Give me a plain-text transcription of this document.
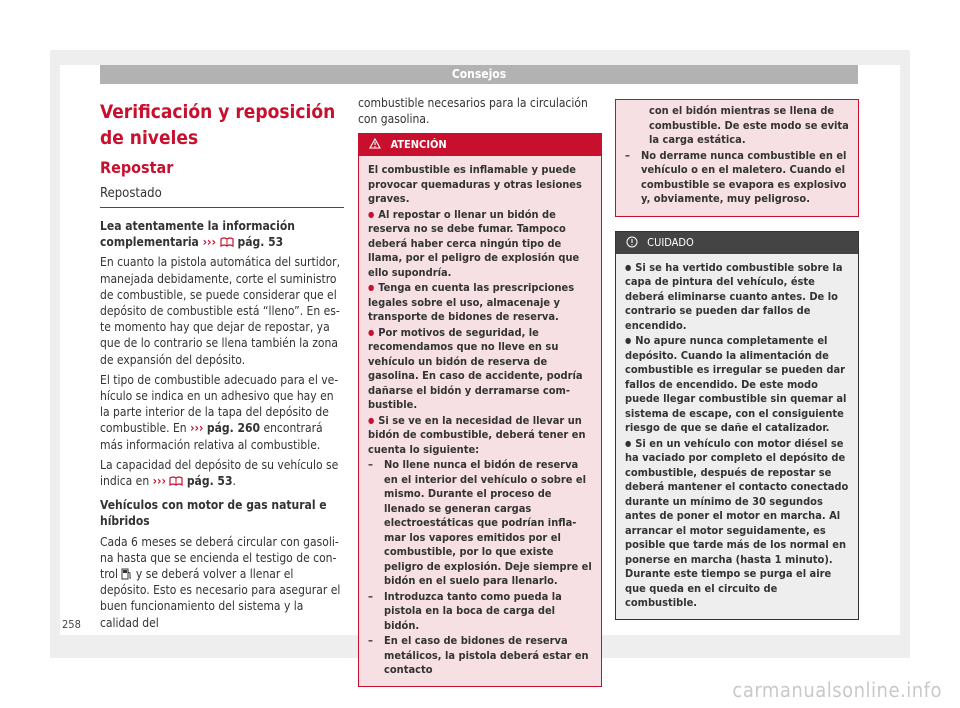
Consejos
Verificación y reposición de niveles
Repostar
Repostado

Lea atentamente la información complementaria ››› pág. 53

En cuanto la pistola automática del surtidor, manejada debidamente, corte el suministro de combustible, se puede considerar que el depósito de combustible está “lleno”. En este momento hay que dejar de repostar, ya que de lo contrario se llena también la zona de expansión del depósito.

El tipo de combustible adecuado para el vehículo se indica en un adhesivo que hay en la parte interior de la tapa del depósito de combustible. En ››› pág. 260 encontrará más información relativa al combustible.

La capacidad del depósito de su vehículo se indica en ››› pág. 53.

Vehículos con motor de gas natural e híbridos

Cada 6 meses se deberá circular con gasolina hasta que se encienda el testigo de control y se deberá volver a llenar el depósito. Esto es necesario para asegurar el buen funcionamiento del sistema y la calidad del

combustible necesarios para la circulación con gasolina.

ATENCIÓN

El combustible es inflamable y puede provocar quemaduras y otras lesiones graves.

● Al repostar o llenar un bidón de reserva no se debe fumar. Tampoco deberá haber cerca ningún tipo de llama, por el peligro de explosión que ello supondría.

● Tenga en cuenta las prescripciones legales sobre el uso, almacenaje y transporte de bidones de reserva.

● Por motivos de seguridad, le recomendamos que no lleve en su vehículo un bidón de reserva de gasolina. En caso de accidente, podría dañarse el bidón y derramarse combustible.

● Si se ve en la necesidad de llevar un bidón de combustible, deberá tener en cuenta lo siguiente:

– No llene nunca el bidón de reserva en el interior del vehículo o sobre el mismo. Durante el proceso de llenado se generan cargas electroestáticas que podrían inflamar los vapores emitidos por el combustible, por lo que existe peligro de explosión. Deje siempre el bidón en el suelo para llenarlo.

– Introduzca tanto como pueda la pistola en la boca de carga del bidón.

– En el caso de bidones de reserva metálicos, la pistola deberá estar en contacto

con el bidón mientras se llena de combustible. De este modo se evita la carga estática.

– No derrame nunca combustible en el vehículo o en el maletero. Cuando el combustible se evapora es explosivo y, obviamente, muy peligroso.

CUIDADO

● Si se ha vertido combustible sobre la capa de pintura del vehículo, éste deberá eliminarse cuanto antes. De lo contrario se pueden dar fallos de encendido.

● No apure nunca completamente el depósito. Cuando la alimentación de combustible es irregular se pueden dar fallos de encendido. De este modo puede llegar combustible sin quemar al sistema de escape, con el consiguiente riesgo de que se dañe el catalizador.

● Si en un vehículo con motor diésel se ha vaciado por completo el depósito de combustible, después de repostar se deberá mantener el contacto conectado durante un mínimo de 30 segundos antes de poner el motor en marcha. Al arrancar el motor seguidamente, es posible que tarde más de los normal en ponerse en marcha (hasta 1 minuto). Durante este tiempo se purga el aire que queda en el circuito de combustible.

258
carmanualsonline.info
